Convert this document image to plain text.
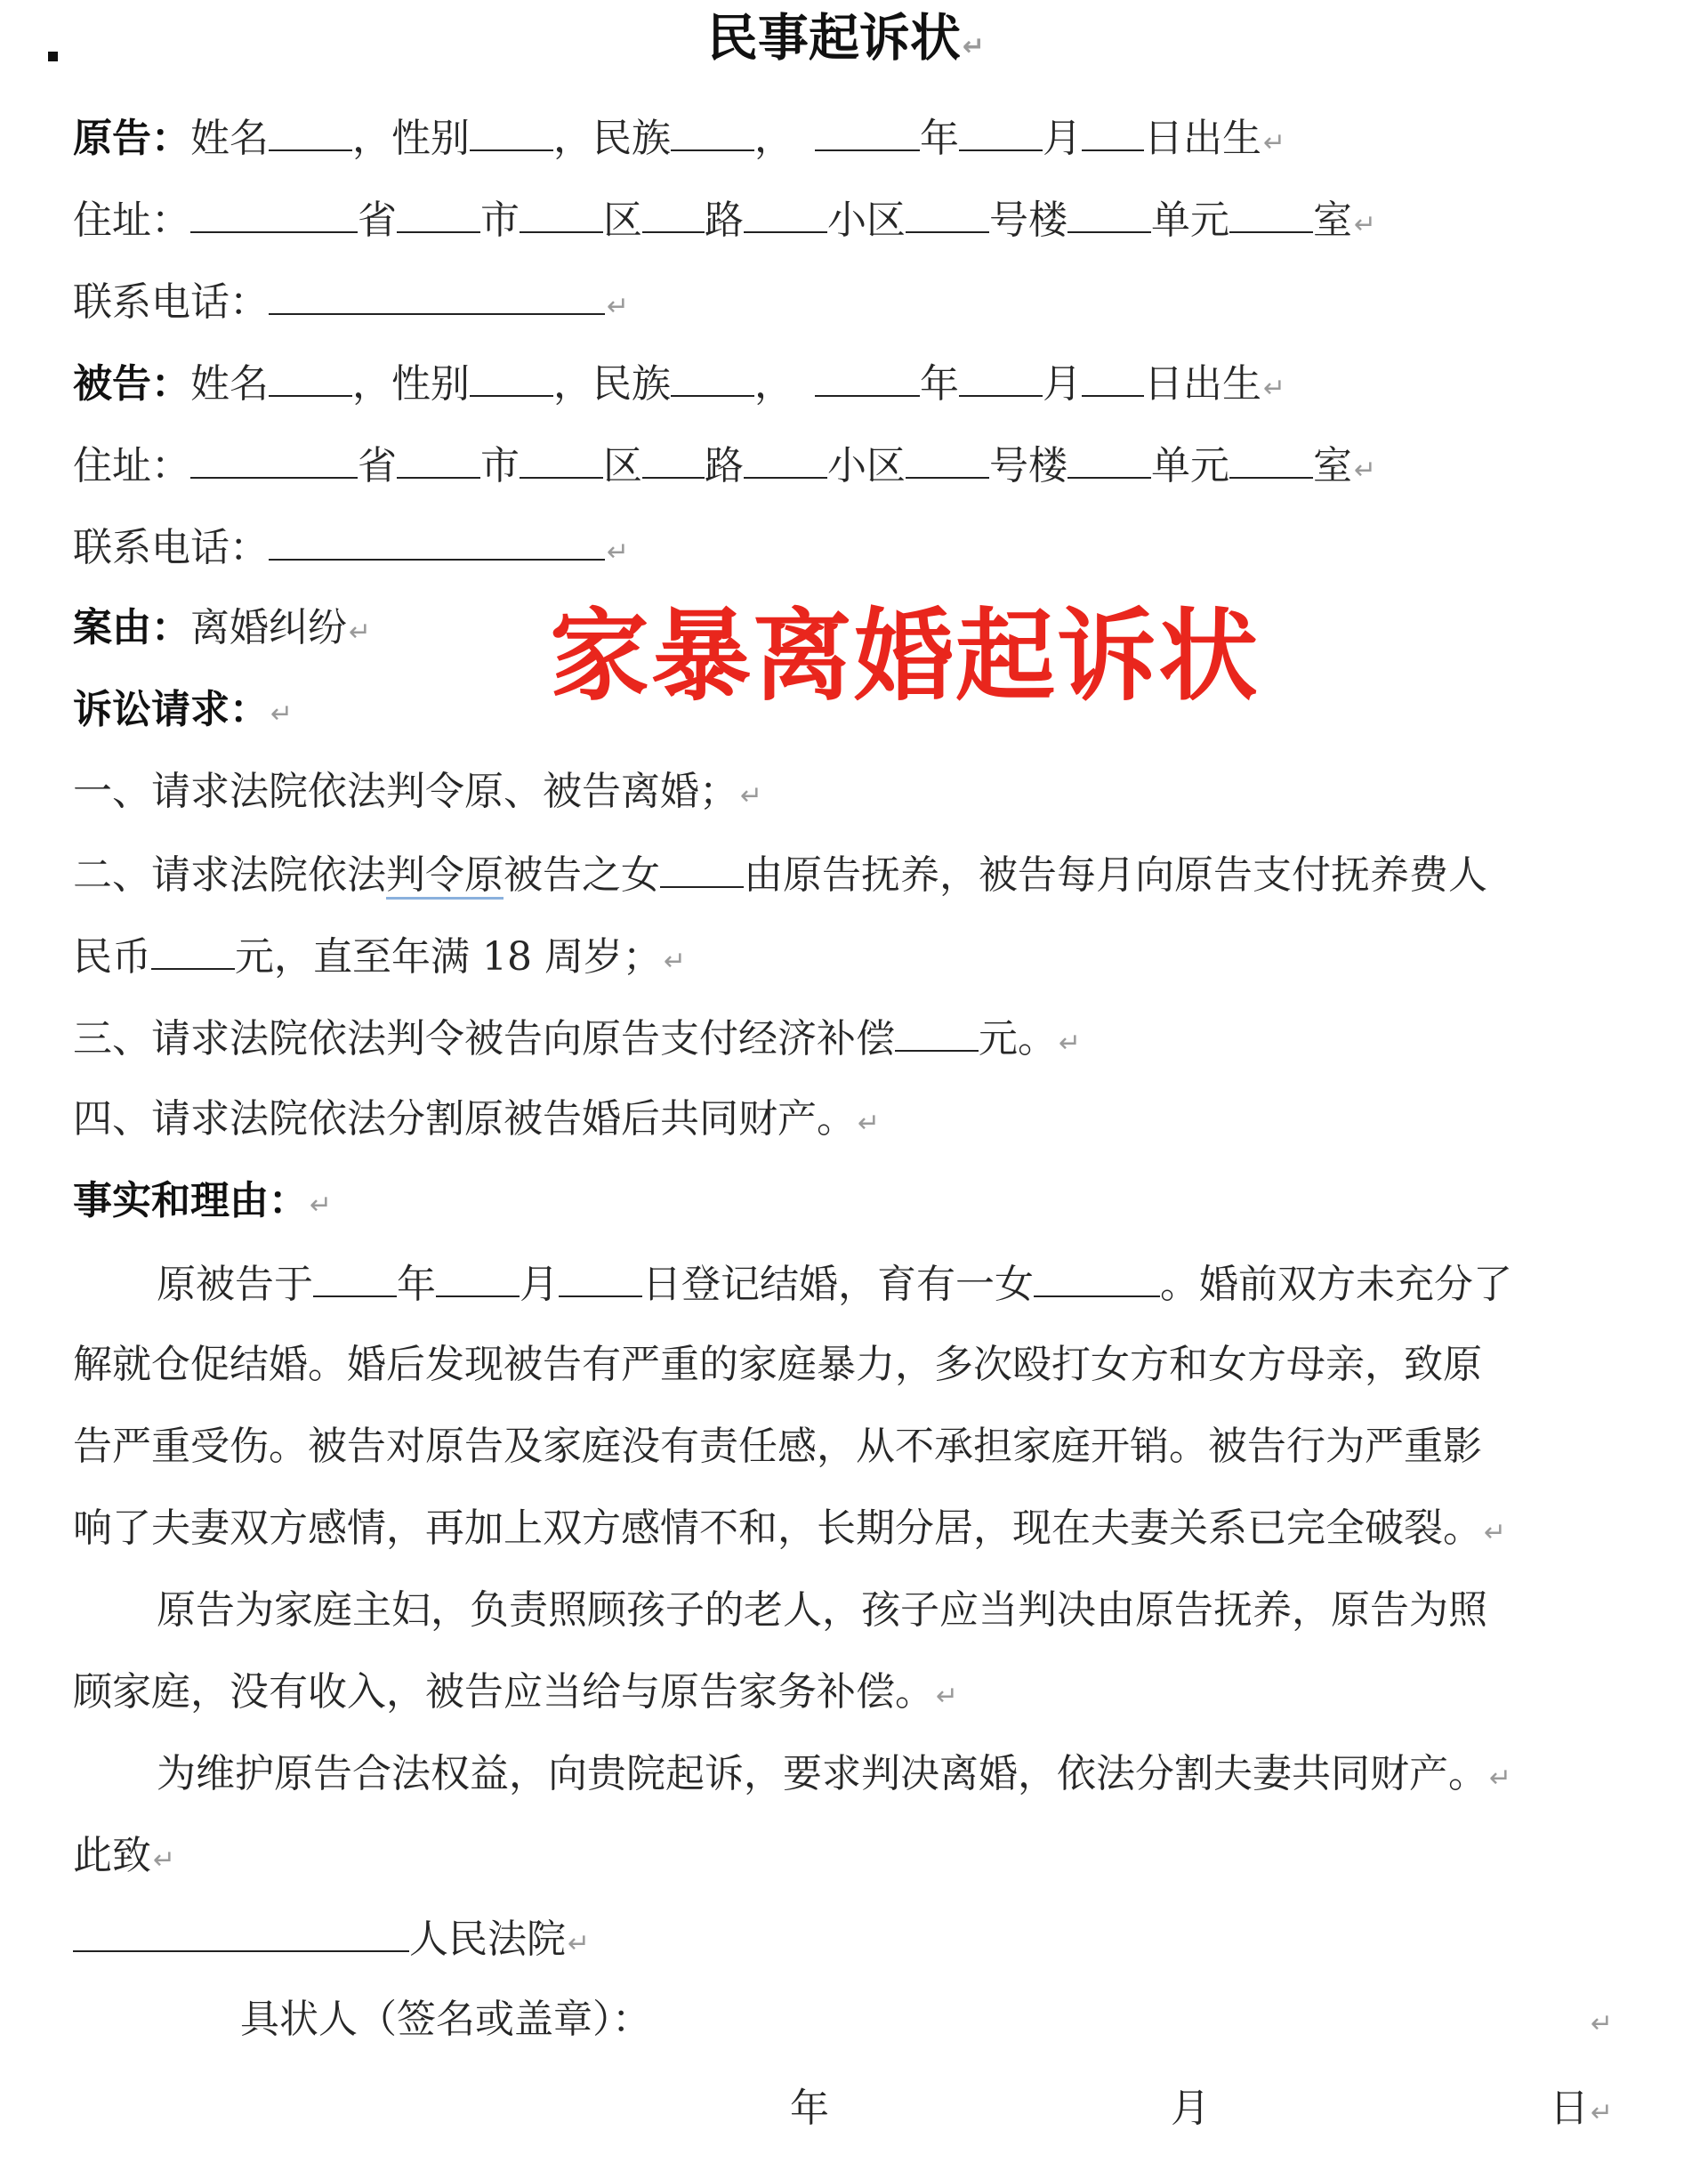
民事起诉状↵
原告：姓名 ，性别 ，民族 ，	年 月 日出生↵
住址：	省 市 区 路 小区 号楼 单元 室↵
联系电话：	↵
被告：姓名 ，性别 ，民族 ，	年 月 日出生↵
住址：	省 市 区 路 小区 号楼 单元 室↵
联系电话：	↵
案由：离婚纠纷↵ 家暴离婚起诉状
诉讼请求：↵
一、请求法院依法判令原、被告离婚；↵
二、请求法院依法判令原被告之女 由原告抚养，被告每月向原告支付抚养费人
民币 元，直至年满 18 周岁；↵
三、请求法院依法判令被告向原告支付经济补偿 元。↵
四、请求法院依法分割原被告婚后共同财产。↵
事实和理由：↵
原被告于 年 月 日登记结婚，育有一女	。婚前双方未充分了
解就仓促结婚。婚后发现被告有严重的家庭暴力，多次殴打女方和女方母亲，致原
告严重受伤。被告对原告及家庭没有责任感，从不承担家庭开销。被告行为严重影
响了夫妻双方感情，再加上双方感情不和，长期分居，现在夫妻关系已完全破裂。↵
原告为家庭主妇，负责照顾孩子的老人，孩子应当判决由原告抚养，原告为照
顾家庭，没有收入，被告应当给与原告家务补偿。↵
为维护原告合法权益，向贵院起诉，要求判决离婚，依法分割夫妻共同财产。↵
此致↵
人民法院↵
具状人（签名或盖章）：	↵
年	月	日↵
